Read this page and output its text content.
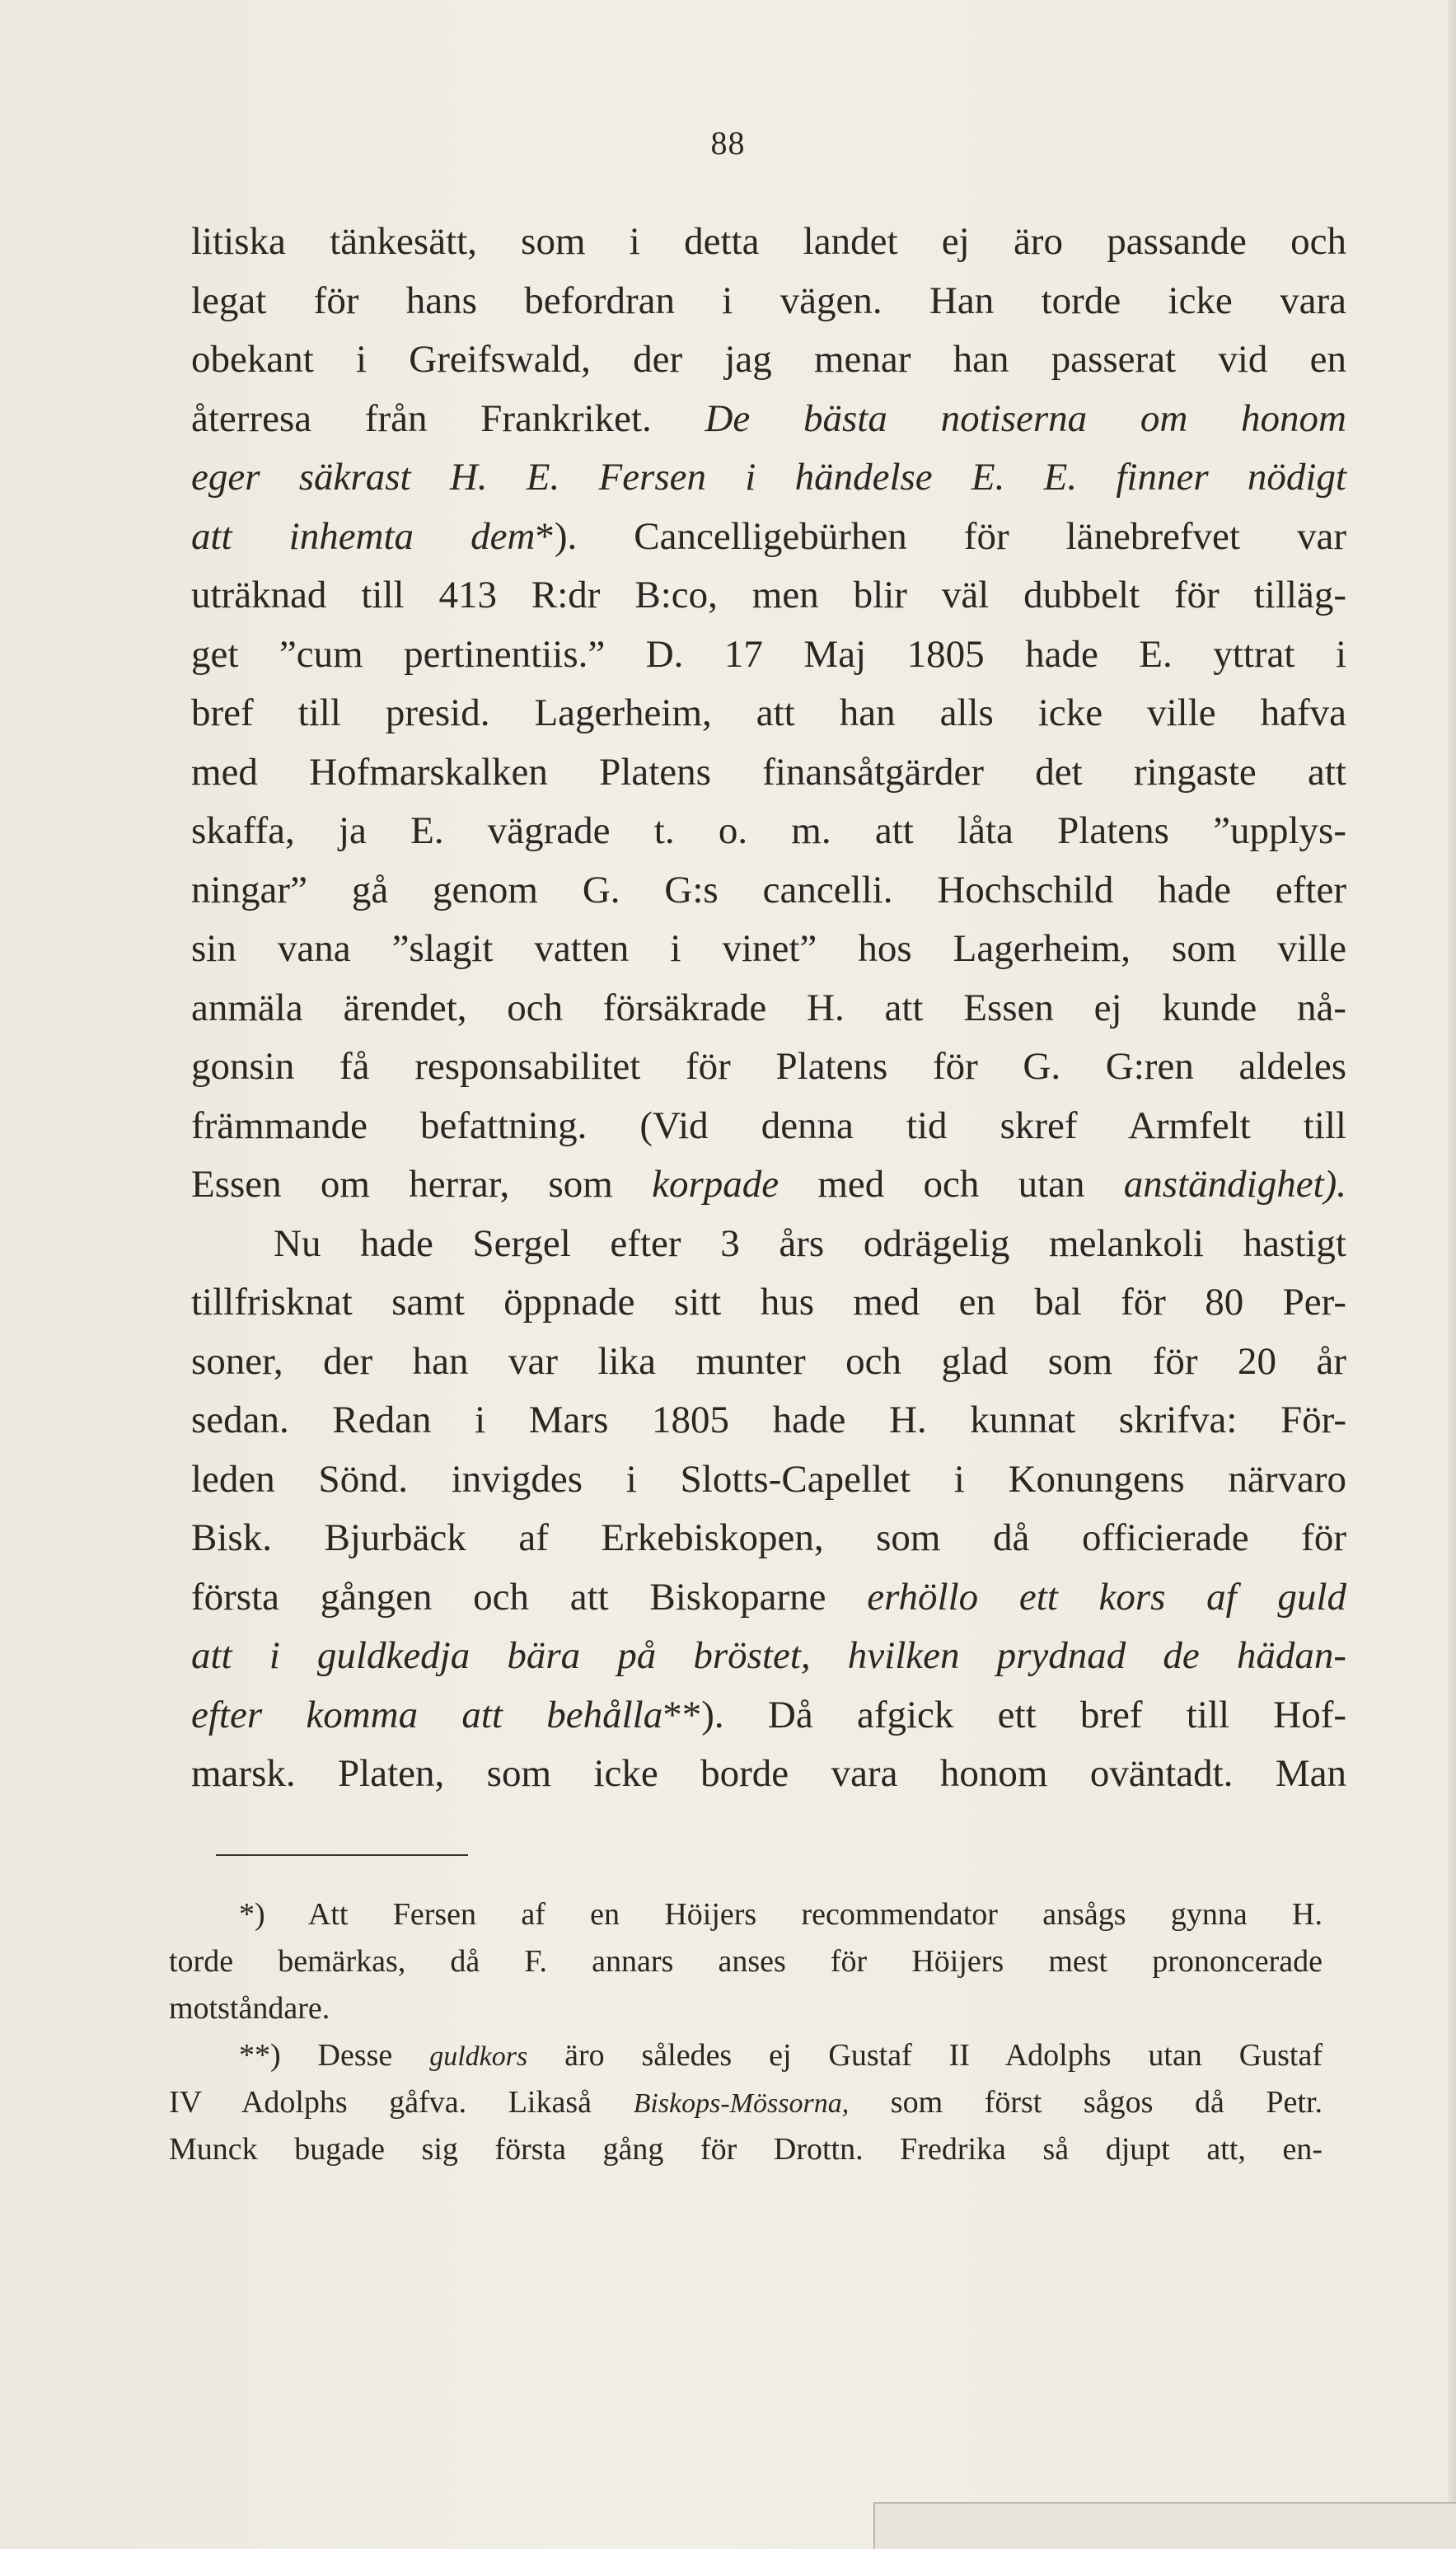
88
litiska tänkesätt, som i detta landet ej äro passande och
legat för hans befordran i vägen. Han torde icke vara
obekant i Greifswald, der jag menar han passerat vid en
återresa från Frankriket. De bästa notiserna om honom
eger säkrast H. E. Fersen i händelse E. E. finner nödigt
att inhemta dem*). Cancelligebürhen för länebrefvet var
uträknad till 413 R:dr B:co, men blir väl dubbelt för tilläg-
get ”cum pertinentiis.” D. 17 Maj 1805 hade E. yttrat i
bref till presid. Lagerheim, att han alls icke ville hafva
med Hofmarskalken Platens finansåtgärder det ringaste att
skaffa, ja E. vägrade t. o. m. att låta Platens ”upplys-
ningar” gå genom G. G:s cancelli. Hochschild hade efter
sin vana ”slagit vatten i vinet” hos Lagerheim, som ville
anmäla ärendet, och försäkrade H. att Essen ej kunde nå-
gonsin få responsabilitet för Platens för G. G:ren aldeles
främmande befattning. (Vid denna tid skref Armfelt till
Essen om herrar, som korpade med och utan anständighet).
Nu hade Sergel efter 3 års odrägelig melankoli hastigt
tillfrisknat samt öppnade sitt hus med en bal för 80 Per-
soner, der han var lika munter och glad som för 20 år
sedan. Redan i Mars 1805 hade H. kunnat skrifva: För-
leden Sönd. invigdes i Slotts-Capellet i Konungens närvaro
Bisk. Bjurbäck af Erkebiskopen, som då officierade för
första gången och att Biskoparne erhöllo ett kors af guld
att i guldkedja bära på bröstet, hvilken prydnad de hädan-
efter komma att behålla**). Då afgick ett bref till Hof-
marsk. Platen, som icke borde vara honom oväntadt. Man
*) Att Fersen af en Höijers recommendator ansågs gynna H.
torde bemärkas, då F. annars anses för Höijers mest prononcerade
motståndare.
**) Desse guldkors äro således ej Gustaf II Adolphs utan Gustaf
IV Adolphs gåfva. Likaså Biskops-Mössorna, som först sågos då Petr.
Munck bugade sig första gång för Drottn. Fredrika så djupt att, en-
